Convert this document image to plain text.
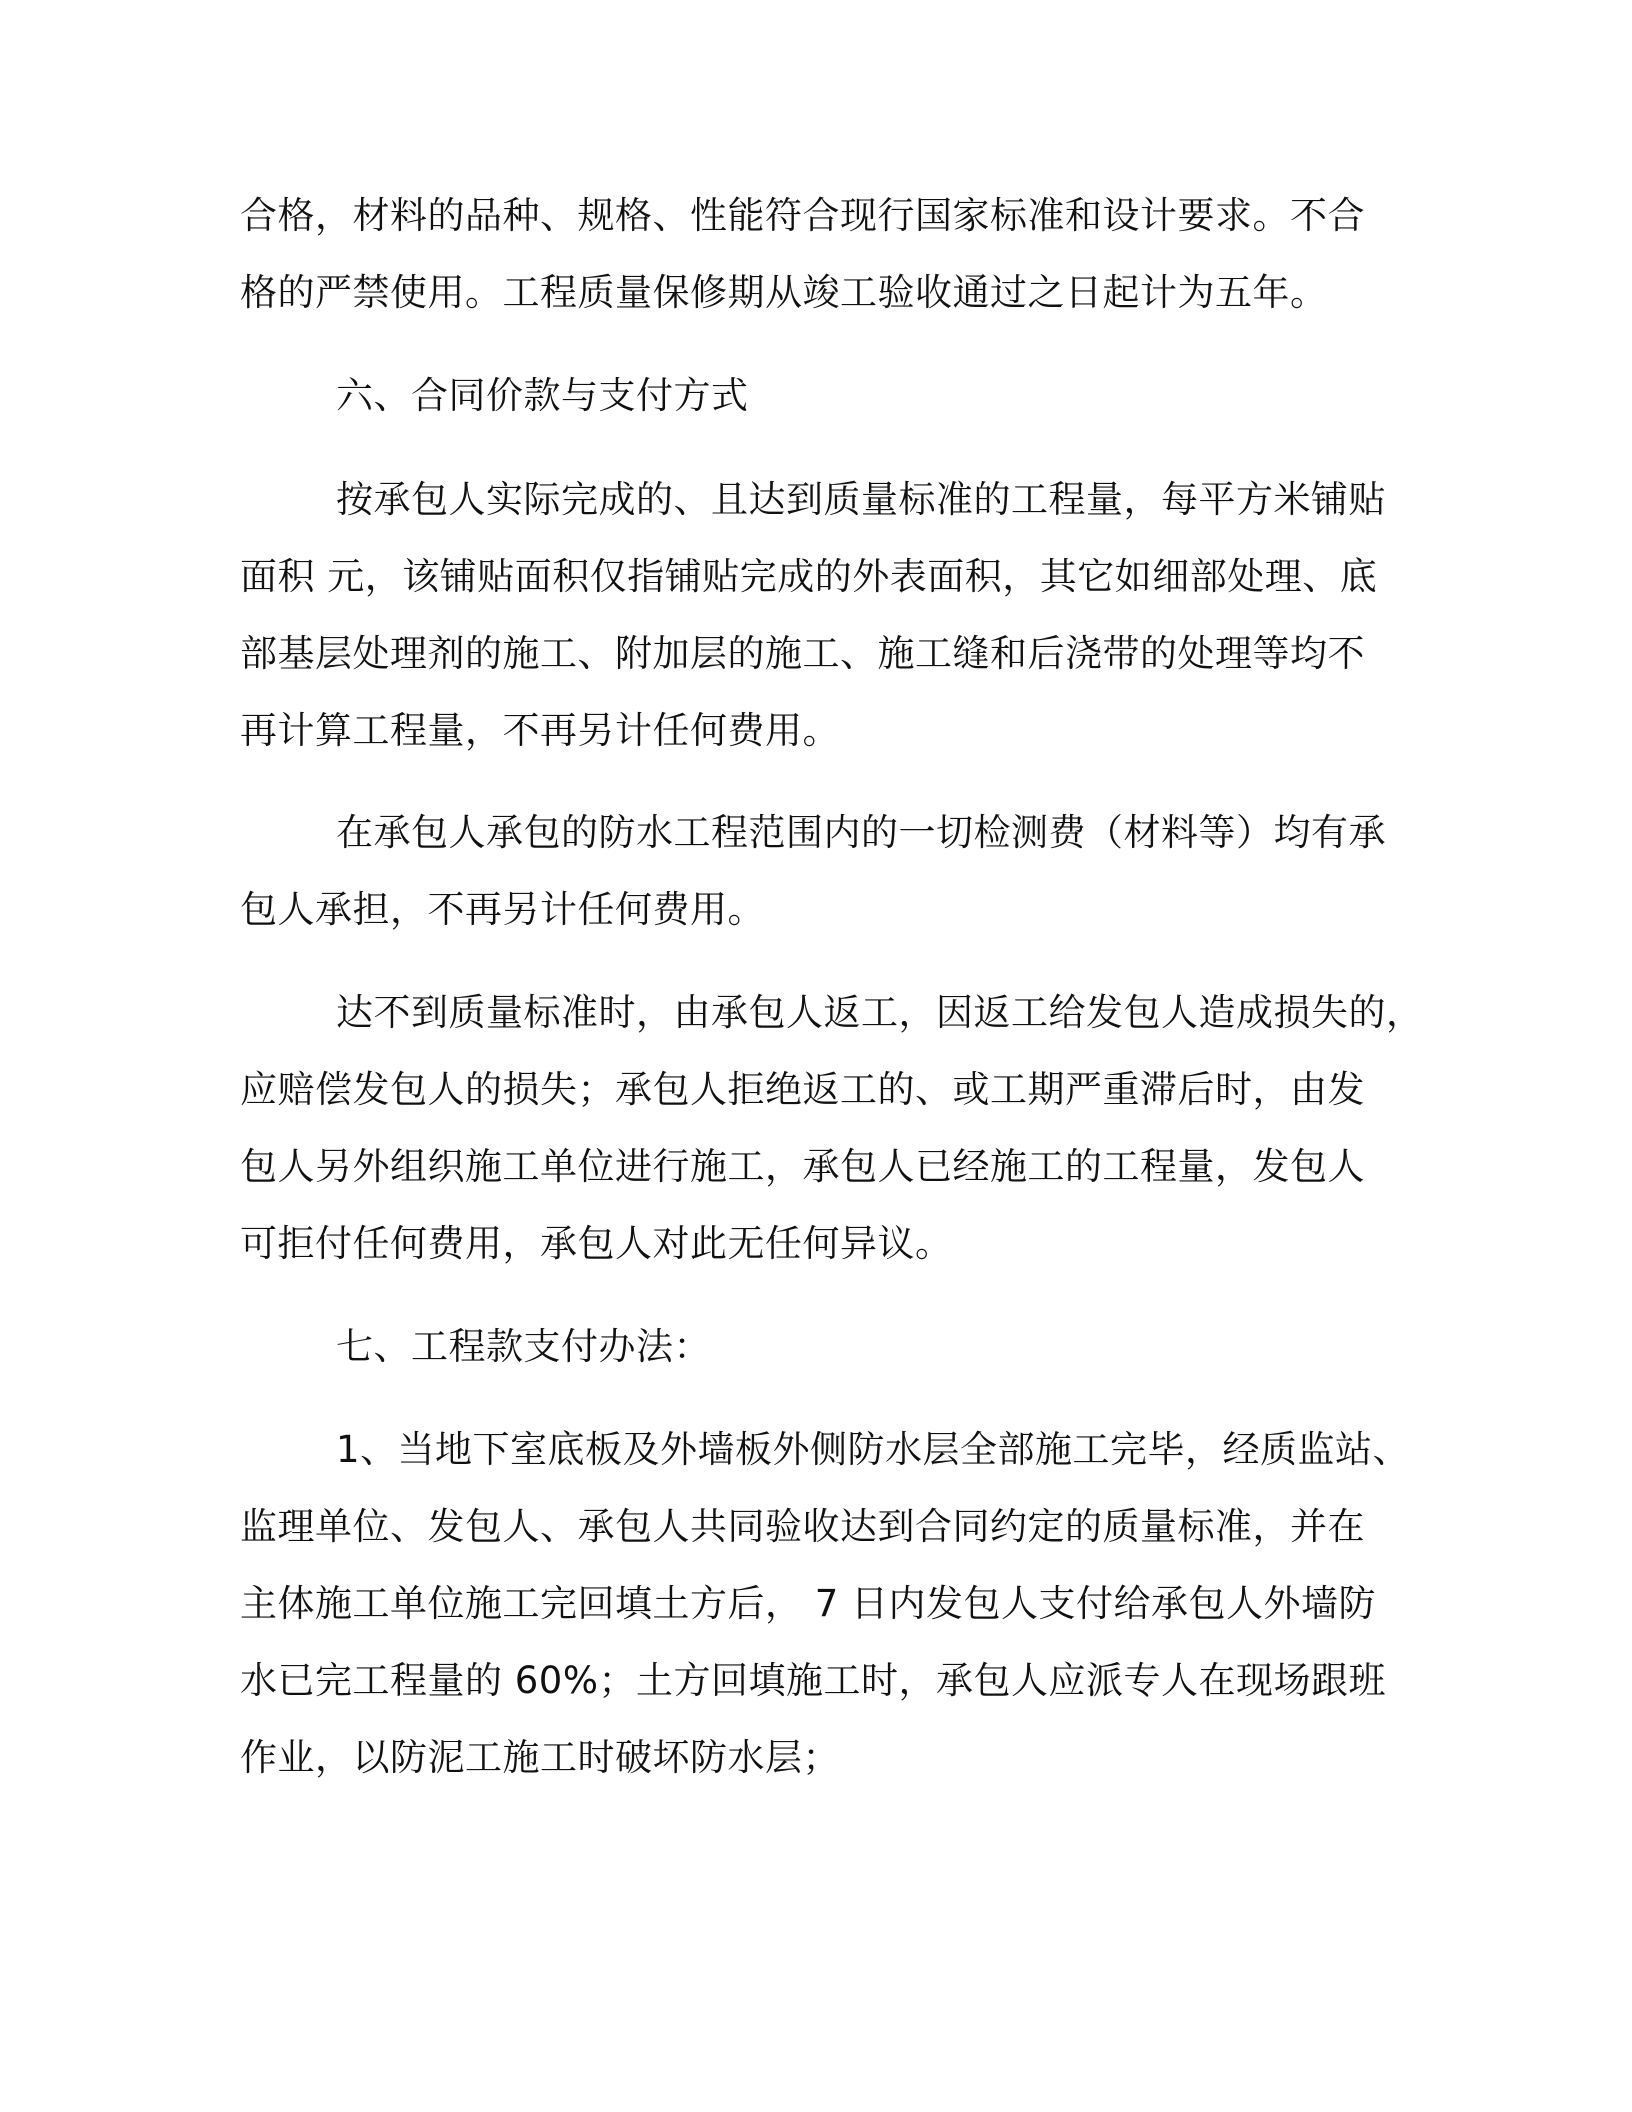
合格，材料的品种、规格、性能符合现行国家标准和设计要求。不合
格的严禁使用。工程质量保修期从竣工验收通过之日起计为五年。
六、合同价款与支付方式
按承包人实际完成的、且达到质量标准的工程量，每平方米铺贴
面积 元，该铺贴面积仅指铺贴完成的外表面积，其它如细部处理、底
部基层处理剂的施工、附加层的施工、施工缝和后浇带的处理等均不
再计算工程量，不再另计任何费用。
在承包人承包的防水工程范围内的一切检测费（材料等）均有承
包人承担，不再另计任何费用。
达不到质量标准时，由承包人返工，因返工给发包人造成损失的，
应赔偿发包人的损失；承包人拒绝返工的、或工期严重滞后时，由发
包人另外组织施工单位进行施工，承包人已经施工的工程量，发包人
可拒付任何费用，承包人对此无任何异议。
七、工程款支付办法：
1、当地下室底板及外墙板外侧防水层全部施工完毕，经质监站、
监理单位、发包人、承包人共同验收达到合同约定的质量标准，并在
主体施工单位施工完回填土方后， 7 日内发包人支付给承包人外墙防
水已完工程量的 60%；土方回填施工时，承包人应派专人在现场跟班
作业，以防泥工施工时破坏防水层；
